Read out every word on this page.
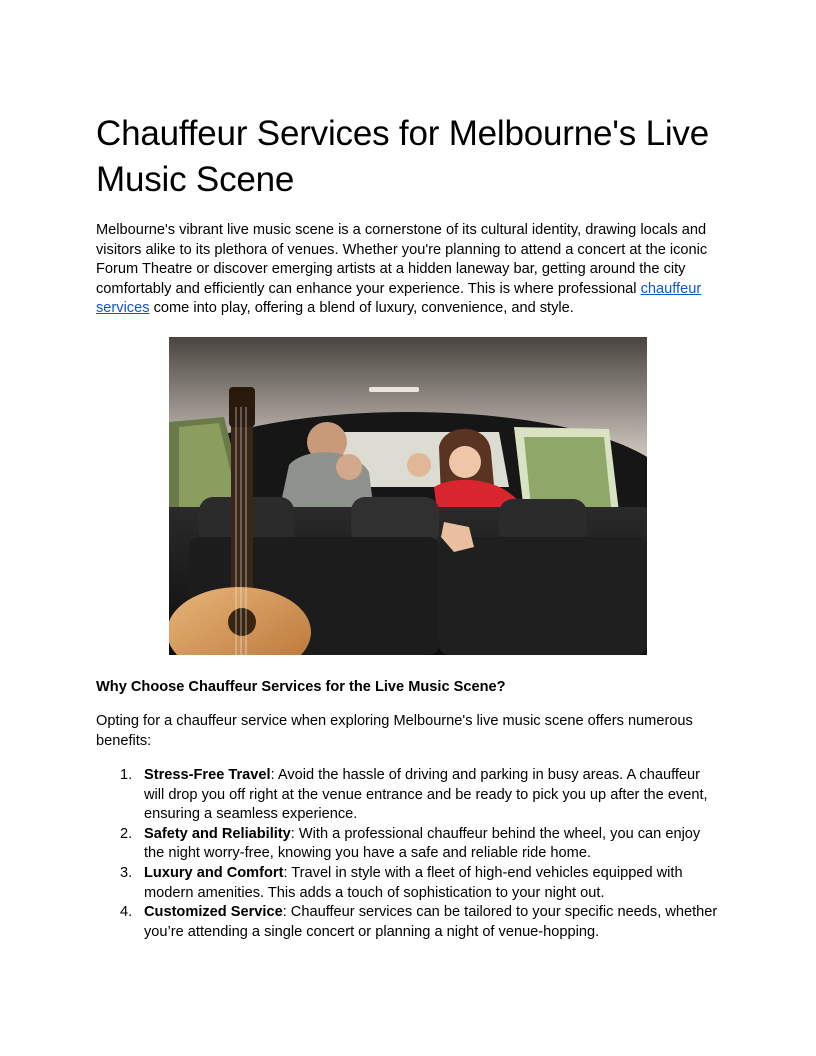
Chauffeur Services for Melbourne's Live Music Scene

Melbourne's vibrant live music scene is a cornerstone of its cultural identity, drawing locals and visitors alike to its plethora of venues. Whether you're planning to attend a concert at the iconic Forum Theatre or discover emerging artists at a hidden laneway bar, getting around the city comfortably and efficiently can enhance your experience. This is where professional chauffeur services come into play, offering a blend of luxury, convenience, and style.

Why Choose Chauffeur Services for the Live Music Scene?

Opting for a chauffeur service when exploring Melbourne's live music scene offers numerous benefits:

1. Stress-Free Travel: Avoid the hassle of driving and parking in busy areas. A chauffeur will drop you off right at the venue entrance and be ready to pick you up after the event, ensuring a seamless experience.
2. Safety and Reliability: With a professional chauffeur behind the wheel, you can enjoy the night worry-free, knowing you have a safe and reliable ride home.
3. Luxury and Comfort: Travel in style with a fleet of high-end vehicles equipped with modern amenities. This adds a touch of sophistication to your night out.
4. Customized Service: Chauffeur services can be tailored to your specific needs, whether you’re attending a single concert or planning a night of venue-hopping.
